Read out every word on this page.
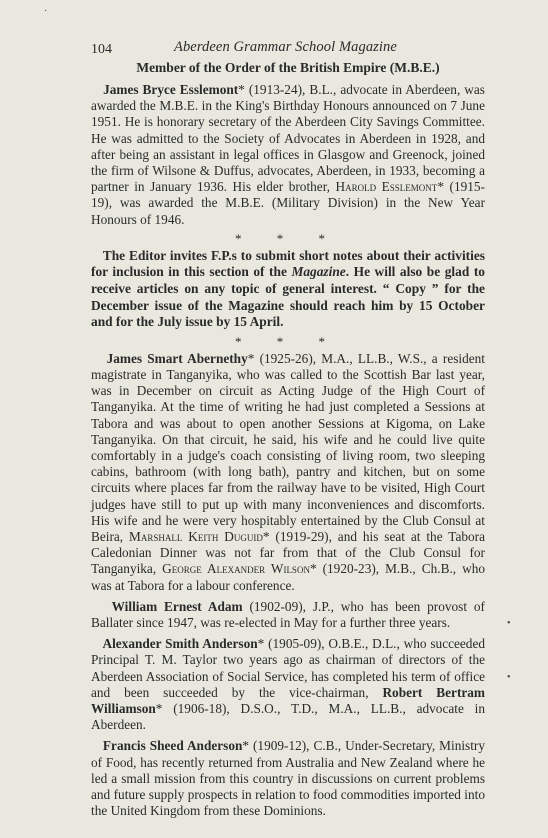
104	Aberdeen Grammar School Magazine
Member of the Order of the British Empire (M.B.E.)

James Bryce Esslemont* (1913-24), B.L., advocate in Aberdeen, was awarded the M.B.E. in the King's Birthday Honours announced on 7 June 1951. He is honorary secretary of the Aberdeen City Savings Committee. He was admitted to the Society of Advocates in Aberdeen in 1928, and after being an assistant in legal offices in Glasgow and Greenock, joined the firm of Wilsone & Duffus, advocates, Aberdeen, in 1933, becoming a partner in January 1936. His elder brother, Harold Esslemont* (1915-19), was awarded the M.B.E. (Military Division) in the New Year Honours of 1946.

* * *

The Editor invites F.P.s to submit short notes about their activities for inclusion in this section of the Magazine. He will also be glad to receive articles on any topic of general interest. “ Copy ” for the December issue of the Magazine should reach him by 15 October and for the July issue by 15 April.

* * *

James Smart Abernethy* (1925-26), M.A., LL.B., W.S., a resident magistrate in Tanganyika, who was called to the Scottish Bar last year, was in December on circuit as Acting Judge of the High Court of Tanganyika. At the time of writing he had just completed a Sessions at Tabora and was about to open another Sessions at Kigoma, on Lake Tanganyika. On that circuit, he said, his wife and he could live quite comfortably in a judge's coach consisting of living room, two sleeping cabins, bathroom (with long bath), pantry and kitchen, but on some circuits where places far from the railway have to be visited, High Court judges have still to put up with many inconveniences and discomforts. His wife and he were very hospitably entertained by the Club Consul at Beira, Marshall Keith Duguid* (1919-29), and his seat at the Tabora Caledonian Dinner was not far from that of the Club Consul for Tanganyika, George Alexander Wilson* (1920-23), M.B., Ch.B., who was at Tabora for a labour conference.

William Ernest Adam (1902-09), J.P., who has been provost of Ballater since 1947, was re-elected in May for a further three years.

Alexander Smith Anderson* (1905-09), O.B.E., D.L., who succeeded Principal T. M. Taylor two years ago as chairman of directors of the Aberdeen Association of Social Service, has completed his term of office and been succeeded by the vice-chairman, Robert Bertram Williamson* (1906-18), D.S.O., T.D., M.A., LL.B., advocate in Aberdeen.

Francis Sheed Anderson* (1909-12), C.B., Under-Secretary, Ministry of Food, has recently returned from Australia and New Zealand where he led a small mission from this country in discussions on current problems and future supply prospects in relation to food commodities imported into the United Kingdom from these Dominions.

·
•
•
